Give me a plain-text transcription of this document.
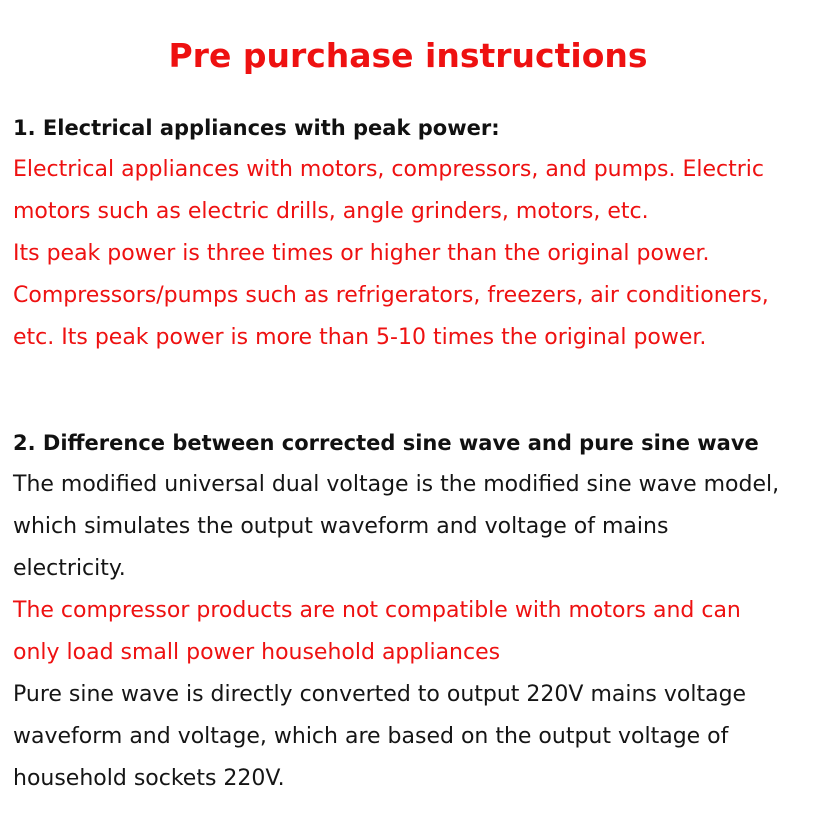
Pre purchase instructions
1. Electrical appliances with peak power:
Electrical appliances with motors, compressors, and pumps. Electric
motors such as electric drills, angle grinders, motors, etc.
Its peak power is three times or higher than the original power.
Compressors/pumps such as refrigerators, freezers, air conditioners,
etc. Its peak power is more than 5-10 times the original power.
2. Difference between corrected sine wave and pure sine wave
The modified universal dual voltage is the modified sine wave model,
which simulates the output waveform and voltage of mains
electricity.
The compressor products are not compatible with motors and can
only load small power household appliances
Pure sine wave is directly converted to output 220V mains voltage
waveform and voltage, which are based on the output voltage of
household sockets 220V.
